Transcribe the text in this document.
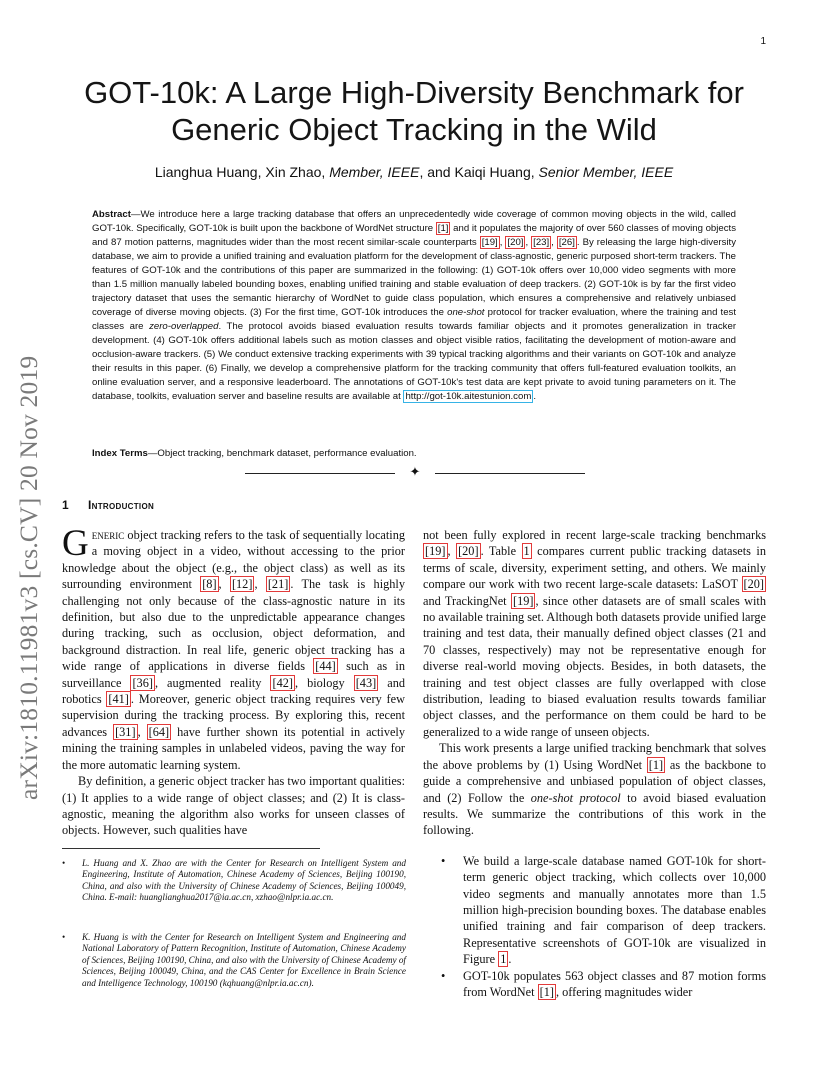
1
GOT-10k: A Large High-Diversity Benchmark for
Generic Object Tracking in the Wild
Lianghua Huang, Xin Zhao, Member, IEEE, and Kaiqi Huang, Senior Member, IEEE
Abstract—We introduce here a large tracking database that offers an unprecedentedly wide coverage of common moving objects in the wild, called GOT-10k. Specifically, GOT-10k is built upon the backbone of WordNet structure [1] and it populates the majority of over 560 classes of moving objects and 87 motion patterns, magnitudes wider than the most recent similar-scale counterparts [19] , [20] , [23] , [26] . By releasing the large high-diversity database, we aim to provide a unified training and evaluation platform for the development of class-agnostic, generic purposed short-term trackers. The features of GOT-10k and the contributions of this paper are summarized in the following: (1) GOT-10k offers over 10,000 video segments with more than 1.5 million manually labeled bounding boxes, enabling unified training and stable evaluation of deep trackers. (2) GOT-10k is by far the first video trajectory dataset that uses the semantic hierarchy of WordNet to guide class population, which ensures a comprehensive and relatively unbiased coverage of diverse moving objects. (3) For the first time, GOT-10k introduces the one-shot protocol for tracker evaluation, where the training and test classes are zero-overlapped. The protocol avoids biased evaluation results towards familiar objects and it promotes generalization in tracker development. (4) GOT-10k offers additional labels such as motion classes and object visible ratios, facilitating the development of motion-aware and occlusion-aware trackers. (5) We conduct extensive tracking experiments with 39 typical tracking algorithms and their variants on GOT-10k and analyze their results in this paper. (6) Finally, we develop a comprehensive platform for the tracking community that offers full-featured evaluation toolkits, an online evaluation server, and a responsive leaderboard. The annotations of GOT-10k's test data are kept private to avoid tuning parameters on it. The database, toolkits, evaluation server and baseline results are available at http://got-10k.aitestunion.com .
Index Terms—Object tracking, benchmark dataset, performance evaluation.
✦
arXiv:1810.11981v3 [cs.CV] 20 Nov 2019 1 Introduction

Generic object tracking refers to the task of sequentially locating a moving object in a video, without accessing to the prior knowledge about the object (e.g., the object class) as well as its surrounding environment [8] , [12] , [21] . The task is highly challenging not only because of the class-agnostic nature in its definition, but also due to the unpredictable appearance changes during tracking, such as occlusion, object deformation, and background distraction. In real life, generic object tracking has a wide range of applications in diverse fields [44] such as in surveillance [36] , augmented reality [42] , biology [43] and robotics [41] . Moreover, generic object tracking requires very few supervision during the tracking process. By exploring this, recent advances [31] , [64] have further shown its potential in actively mining the training samples in unlabeled videos, paving the way for the more automatic learning system.

By definition, a generic object tracker has two important qualities: (1) It applies to a wide range of object classes; and (2) It is class-agnostic, meaning the algorithm also works for unseen classes of objects. However, such qualities have

• L. Huang and X. Zhao are with the Center for Research on Intelligent System and Engineering, Institute of Automation, Chinese Academy of Sciences, Beijing 100190, China, and also with the University of Chinese Academy of Sciences, Beijing 100049, China. E-mail: huanglianghua2017@ia.ac.cn, xzhao@nlpr.ia.ac.cn.
• K. Huang is with the Center for Research on Intelligent System and Engineering and National Laboratory of Pattern Recognition, Institute of Automation, Chinese Academy of Sciences, Beijing 100190, China, and also with the University of Chinese Academy of Sciences, Beijing 100049, China, and the CAS Center for Excellence in Brain Science and Intelligence Technology, 100190 (kqhuang@nlpr.ia.ac.cn).

not been fully explored in recent large-scale tracking benchmarks [19] , [20] . Table 1 compares current public tracking datasets in terms of scale, diversity, experiment setting, and others. We mainly compare our work with two recent large-scale datasets: LaSOT [20] and TrackingNet [19] , since other datasets are of small scales with no available training set. Although both datasets provide unified large training and test data, their manually defined object classes (21 and 70 classes, respectively) may not be representative enough for diverse real-world moving objects. Besides, in both datasets, the training and test object classes are fully overlapped with close distribution, leading to biased evaluation results towards familiar object classes, and the performance on them could be hard to be generalized to a wide range of unseen objects.

This work presents a large unified tracking benchmark that solves the above problems by (1) Using WordNet [1] as the backbone to guide a comprehensive and unbiased population of object classes, and (2) Follow the one-shot protocol to avoid biased evaluation results. We summarize the contributions of this work in the following.

• We build a large-scale database named GOT-10k for short-term generic object tracking, which collects over 10,000 video segments and manually annotates more than 1.5 million high-precision bounding boxes. The database enables unified training and fair comparison of deep trackers. Representative screenshots of GOT-10k are visualized in Figure 1 .
• GOT-10k populates 563 object classes and 87 motion forms from WordNet [1] , offering magnitudes wider
